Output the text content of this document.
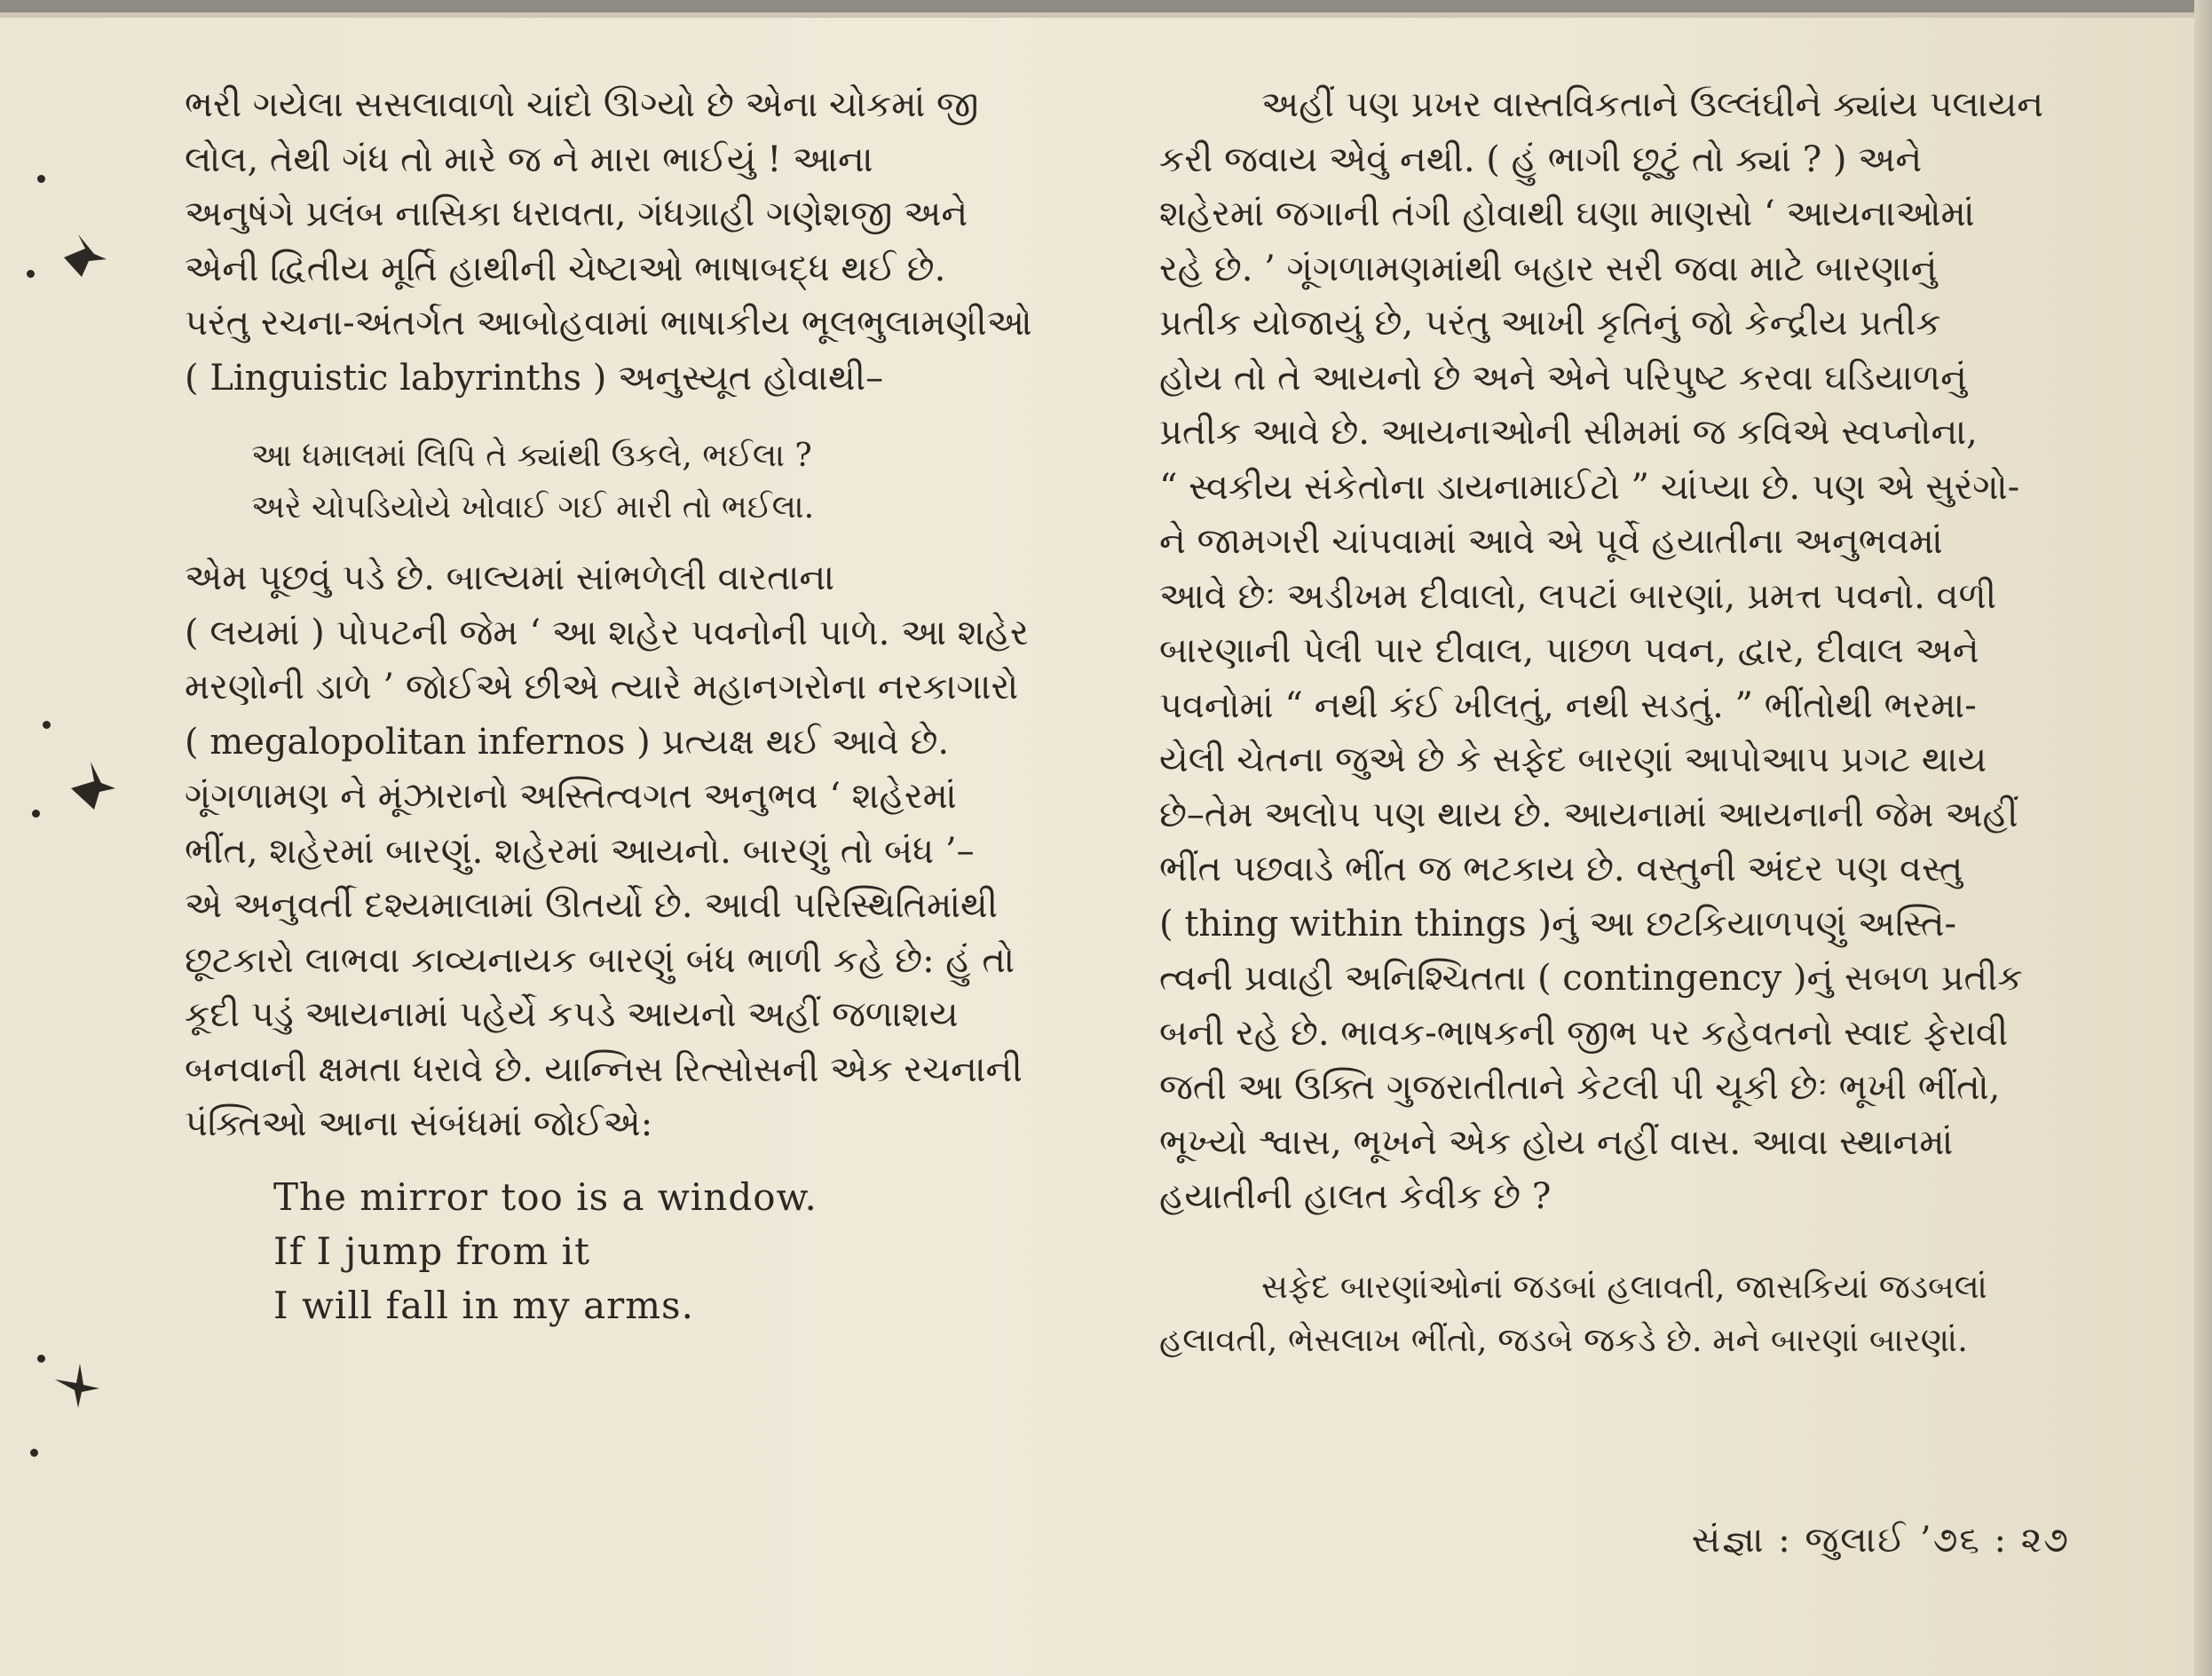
ભરી ગયેલા સસલાવાળો ચાંદો ઊગ્યો છે એના ચોકમાં જી
લોલ, તેથી ગંધ તો મારે જ ને મારા ભાઈયું ! આના
અનુષંગે પ્રલંબ નાસિકા ધરાવતા, ગંધગ્રાહી ગણેશજી અને
એની દ્વિતીય મૂર્તિ હાથીની ચેષ્ટાઓ ભાષાબદ્ધ થઈ છે.
પરંતુ રચના-અંતર્ગત આબોહવામાં ભાષાકીય ભૂલભુલામણીઓ
( Linguistic labyrinths ) અનુસ્યૂત હોવાથી–

આ ધમાલમાં લિપિ તે ક્યાંથી ઉકલે, ભઈલા ?
અરે ચોપડિયોયે ખોવાઈ ગઈ મારી તો ભઈલા.

એમ પૂછવું પડે છે. બાલ્યમાં સાંભળેલી વારતાના
( લયમાં ) પોપટની જેમ ‘ આ શહેર પવનોની પાળે. આ શહેર
મરણોની ડાળે ’ જોઈએ છીએ ત્યારે મહાનગરોના નરકાગારો
( megalopolitan infernos ) પ્રત્યક્ષ થઈ આવે છે.
ગૂંગળામણ ને મૂંઝારાનો અસ્તિત્વગત અનુભવ ‘ શહેરમાં
ભીંત, શહેરમાં બારણું. શહેરમાં આયનો. બારણું તો બંધ ’–
એ અનુવર્તી દશ્યમાલામાં ઊતર્યો છે. આવી પરિસ્થિતિમાંથી
છૂટકારો લાભવા કાવ્યનાયક બારણું બંધ ભાળી કહે છે: હું તો
કૂદી પડું આયનામાં પહેર્યે કપડે આયનો અહીં જળાશય
બનવાની ક્ષમતા ધરાવે છે. યાન્નિસ રિત્સોસની એક રચનાની
પંક્તિઓ આના સંબંધમાં જોઈએ:

The mirror too is a window.
If I jump from it
I will fall in my arms.

અહીં પણ પ્રખર વાસ્તવિકતાને ઉલ્લંઘીને ક્યાંય પલાયન
કરી જવાય એવું નથી. ( હું ભાગી છૂટું તો ક્યાં ? ) અને
શહેરમાં જગાની તંગી હોવાથી ઘણા માણસો ‘ આયનાઓમાં
રહે છે. ’ ગૂંગળામણમાંથી બહાર સરી જવા માટે બારણાનું
પ્રતીક યોજાયું છે, પરંતુ આખી કૃતિનું જો કેન્દ્રીય પ્રતીક
હોય તો તે આયનો છે અને એને પરિપુષ્ટ કરવા ઘડિયાળનું
પ્રતીક આવે છે. આયનાઓની સીમમાં જ કવિએ સ્વપ્નોના,
“ સ્વકીય સંકેતોના ડાયનામાઈટો ” ચાંપ્યા છે. પણ એ સુરંગો-
ને જામગરી ચાંપવામાં આવે એ પૂર્વે હયાતીના અનુભવમાં
આવે છેઃ અડીખમ દીવાલો, લપટાં બારણાં, પ્રમત્ત પવનો. વળી
બારણાની પેલી પાર દીવાલ, પાછળ પવન, દ્વાર, દીવાલ અને
પવનોમાં “ નથી કંઈ ખીલતું, નથી સડતું. ” ભીંતોથી ભરમા-
યેલી ચેતના જુએ છે કે સફેદ બારણાં આપોઆપ પ્રગટ થાય
છે–તેમ અલોપ પણ થાય છે. આયનામાં આયનાની જેમ અહીં
ભીંત પછવાડે ભીંત જ ભટકાય છે. વસ્તુની અંદર પણ વસ્તુ
( thing within things )નું આ છટકિયાળપણું અસ્તિ-
ત્વની પ્રવાહી અનિશ્ચિતતા ( contingency )નું સબળ પ્રતીક
બની રહે છે. ભાવક-ભાષકની જીભ પર કહેવતનો સ્વાદ ફેરાવી
જતી આ ઉક્તિ ગુજરાતીતાને કેટલી પી ચૂકી છેઃ ભૂખી ભીંતો,
ભૂખ્યો શ્વાસ, ભૂખને એક હોય નહીં વાસ. આવા સ્થાનમાં
હયાતીની હાલત કેવીક છે ?

સફેદ બારણાંઓનાં જડબાં હલાવતી, જાસકિયાં જડબલાં
હલાવતી, ભેસલાખ ભીંતો, જડબે જકડે છે. મને બારણાં બારણાં.
સંજ્ઞા : જુલાઈ ’૭૬ : ૨૭
